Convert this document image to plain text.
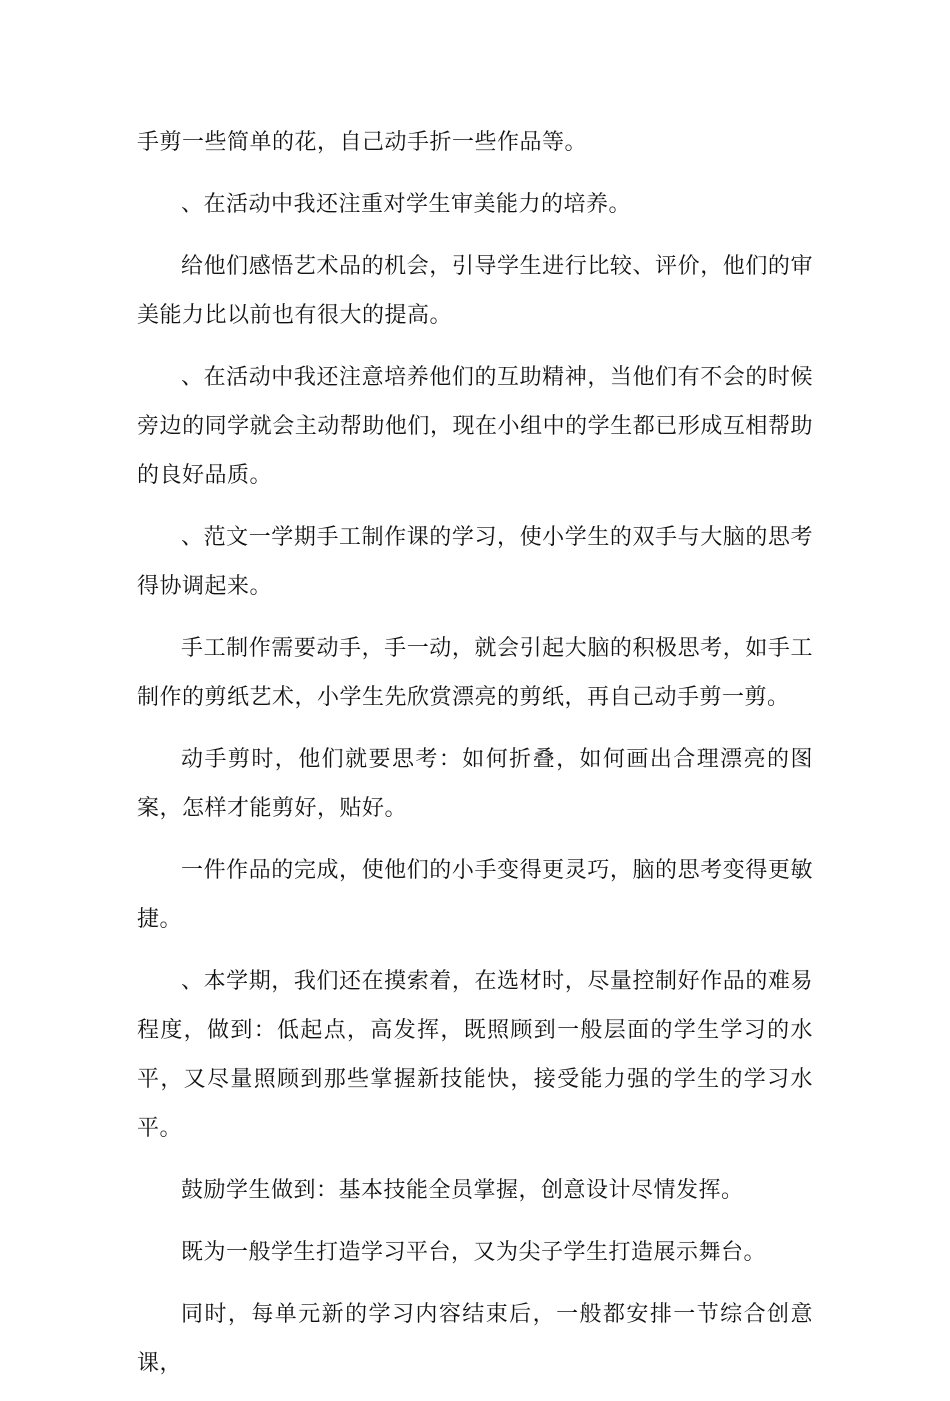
手剪一些简单的花，自己动手折一些作品等。

、在活动中我还注重对学生审美能力的培养。

给他们感悟艺术品的机会，引导学生进行比较、评价，他们的审美能力比以前也有很大的提高。

、在活动中我还注意培养他们的互助精神，当他们有不会的时候旁边的同学就会主动帮助他们，现在小组中的学生都已形成互相帮助的良好品质。

、范文一学期手工制作课的学习，使小学生的双手与大脑的思考得协调起来。

手工制作需要动手，手一动，就会引起大脑的积极思考，如手工制作的剪纸艺术，小学生先欣赏漂亮的剪纸，再自己动手剪一剪。

动手剪时，他们就要思考：如何折叠，如何画出合理漂亮的图案，怎样才能剪好，贴好。

一件作品的完成，使他们的小手变得更灵巧，脑的思考变得更敏捷。

、本学期，我们还在摸索着，在选材时，尽量控制好作品的难易程度，做到：低起点，高发挥，既照顾到一般层面的学生学习的水平，又尽量照顾到那些掌握新技能快，接受能力强的学生的学习水平。

鼓励学生做到：基本技能全员掌握，创意设计尽情发挥。

既为一般学生打造学习平台，又为尖子学生打造展示舞台。

同时，每单元新的学习内容结束后，一般都安排一节综合创意课，
